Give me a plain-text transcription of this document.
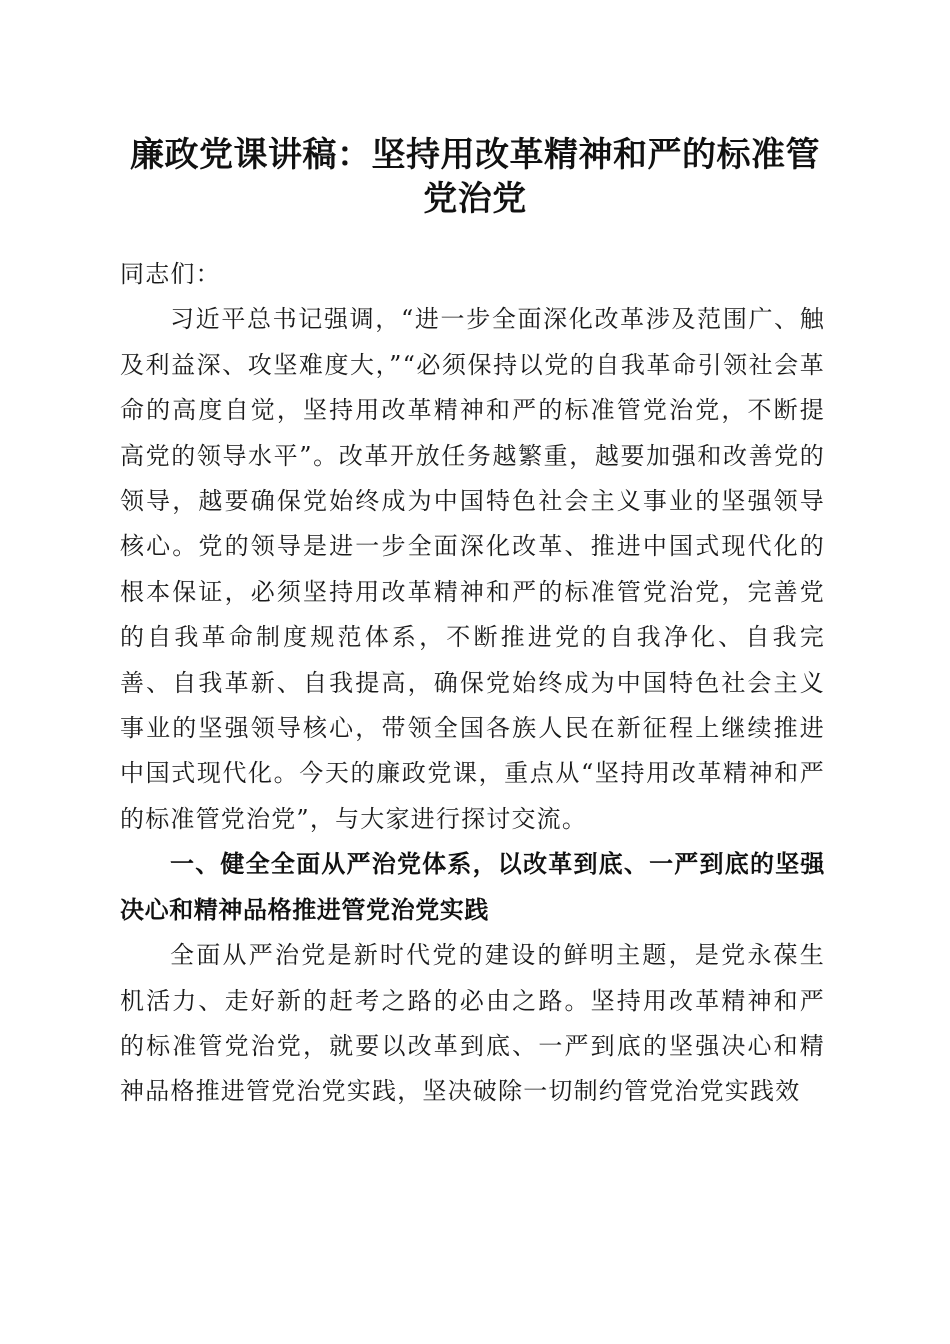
廉政党课讲稿：坚持用改革精神和严的标准管
党治党

同志们：

习近平总书记强调，“进一步全面深化改革涉及范围广、触及利益深、攻坚难度大，”“必须保持以党的自我革命引领社会革命的高度自觉，坚持用改革精神和严的标准管党治党，不断提高党的领导水平”。改革开放任务越繁重，越要加强和改善党的领导，越要确保党始终成为中国特色社会主义事业的坚强领导核心。党的领导是进一步全面深化改革、推进中国式现代化的根本保证，必须坚持用改革精神和严的标准管党治党，完善党的自我革命制度规范体系，不断推进党的自我净化、自我完善、自我革新、自我提高，确保党始终成为中国特色社会主义事业的坚强领导核心，带领全国各族人民在新征程上继续推进中国式现代化。今天的廉政党课，重点从“坚持用改革精神和严的标准管党治党”，与大家进行探讨交流。

一、健全全面从严治党体系，以改革到底、一严到底的坚强决心和精神品格推进管党治党实践

全面从严治党是新时代党的建设的鲜明主题，是党永葆生机活力、走好新的赶考之路的必由之路。坚持用改革精神和严的标准管党治党，就要以改革到底、一严到底的坚强决心和精神品格推进管党治党实践，坚决破除一切制约管党治党实践效
